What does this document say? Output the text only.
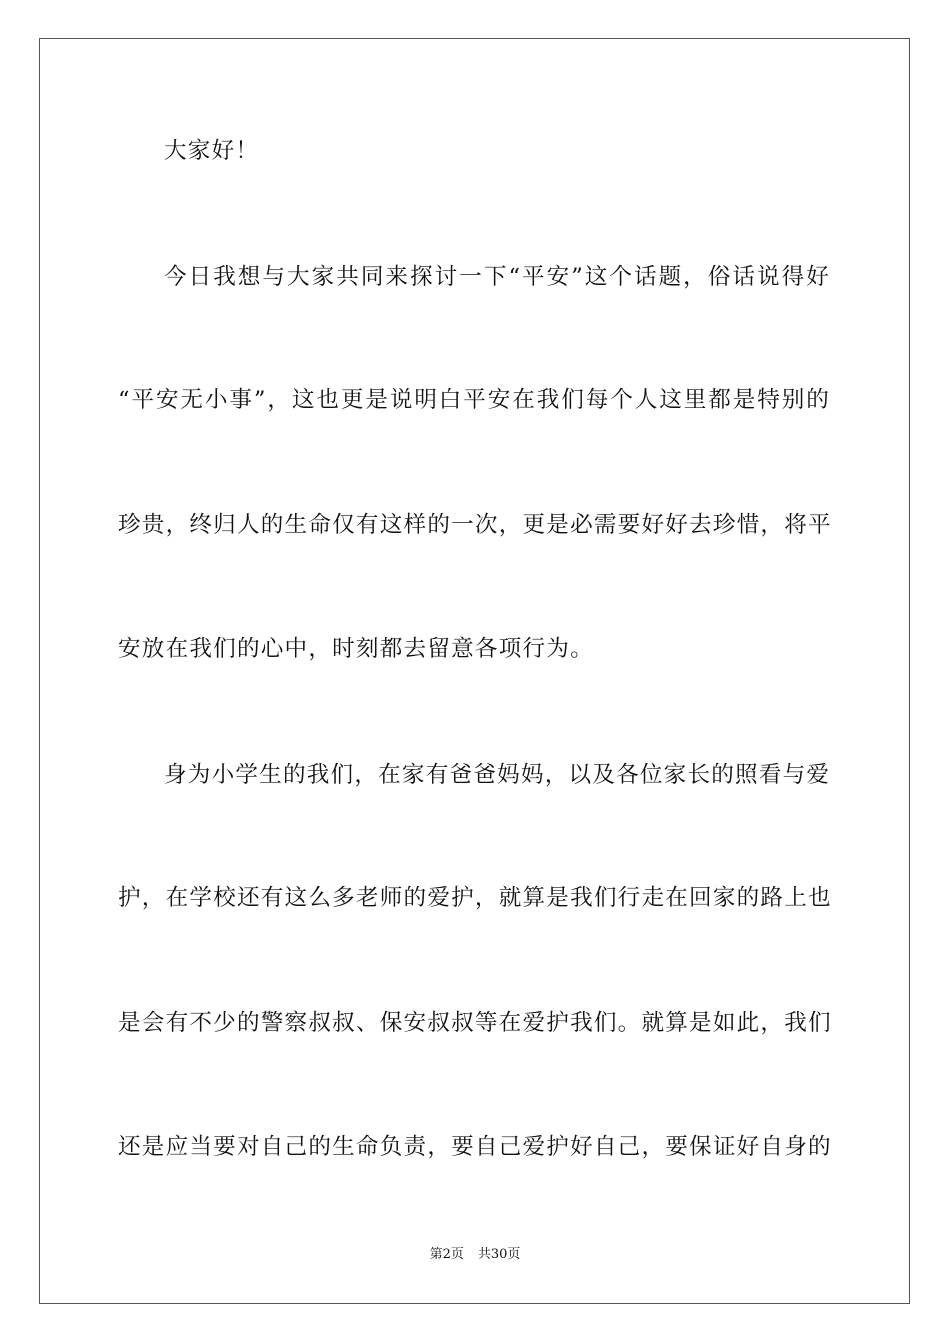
大家好！
今日我想与大家共同来探讨一下“平安”这个话题，俗话说得好
“平安无小事”，这也更是说明白平安在我们每个人这里都是特别的
珍贵，终归人的生命仅有这样的一次，更是必需要好好去珍惜，将平
安放在我们的心中，时刻都去留意各项行为。
身为小学生的我们，在家有爸爸妈妈，以及各位家长的照看与爱
护，在学校还有这么多老师的爱护，就算是我们行走在回家的路上也
是会有不少的警察叔叔、保安叔叔等在爱护我们。就算是如此，我们
还是应当要对自己的生命负责，要自己爱护好自己，要保证好自身的
第2页 共30页
